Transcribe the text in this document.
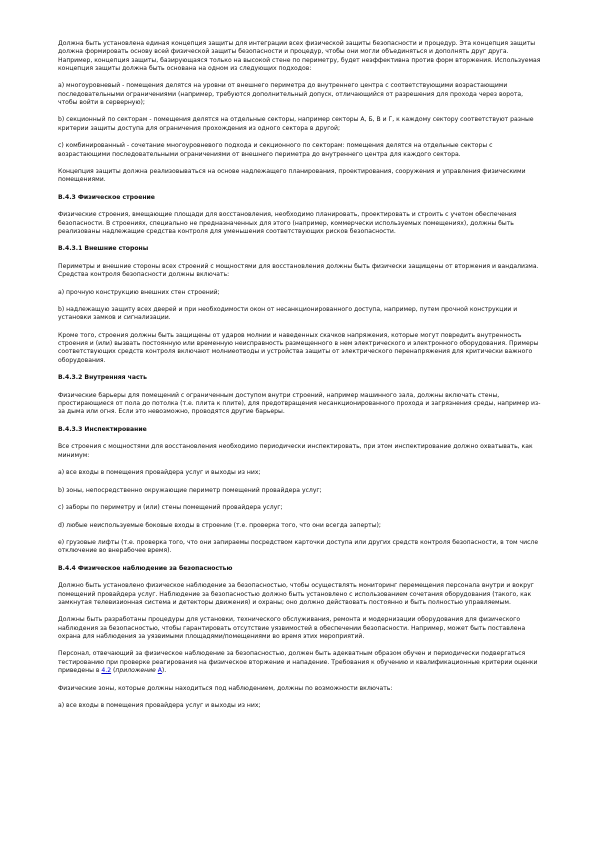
Должна быть установлена единая концепция защиты для интеграции всех физической защиты безопасности и процедур. Эта концепция защиты должна формировать основу всей физической защиты безопасности и процедур, чтобы они могли объединяться и дополнять друг друга. Например, концепция защиты, базирующаяся только на высокой стене по периметру, будет неэффективна против форм вторжения. Используемая концепция защиты должна быть основана на одном из следующих подходов:

а) многоуровневый - помещения делятся на уровни от внешнего периметра до внутреннего центра с соответствующими возрастающими последовательными ограничениями (например, требуются дополнительный допуск, отличающийся от разрешения для прохода через ворота, чтобы войти в серверную);

b) секционный по секторам - помещения делятся на отдельные секторы, например секторы А, Б, В и Г, к каждому сектору соответствуют разные критерии защиты доступа для ограничения прохождения из одного сектора в другой;

с) комбинированный - сочетание многоуровневого подхода и секционного по секторам: помещения делятся на отдельные секторы с возрастающими последовательными ограничениями от внешнего периметра до внутреннего центра для каждого сектора.

Концепция защиты должна реализовываться на основе надлежащего планирования, проектирования, сооружения и управления физическими помещениями.

В.4.3 Физическое строение

Физические строения, вмещающие площади для восстановления, необходимо планировать, проектировать и строить с учетом обеспечения безопасности. В строениях, специально не предназначенных для этого (например, коммерчески используемых помещениях), должны быть реализованы надлежащие средства контроля для уменьшения соответствующих рисков безопасности.

В.4.3.1 Внешние стороны

Периметры и внешние стороны всех строений с мощностями для восстановления должны быть физически защищены от вторжения и вандализма. Средства контроля безопасности должны включать:

а) прочную конструкцию внешних стен строений;

b) надлежащую защиту всех дверей и при необходимости окон от несанкционированного доступа, например, путем прочной конструкции и установки замков и сигнализации.

Кроме того, строения должны быть защищены от ударов молнии и наведенных скачков напряжения, которые могут повредить внутренность строения и (или) вызвать постоянную или временную неисправность размещенного в нем электрического и электронного оборудования. Примеры соответствующих средств контроля включают молниеотводы и устройства защиты от электрического перенапряжения для критически важного оборудования.

В.4.3.2 Внутренняя часть

Физические барьеры для помещений с ограниченным доступом внутри строений, например машинного зала, должны включать стены, простирающиеся от пола до потолка (т.е. плита к плите), для предотвращения несанкционированного прохода и загрязнения среды, например из-за дыма или огня. Если это невозможно, проводятся другие барьеры.

В.4.3.3 Инспектирование

Все строения с мощностями для восстановления необходимо периодически инспектировать, при этом инспектирование должно охватывать, как минимум:

а) все входы в помещения провайдера услуг и выходы из них;

b) зоны, непосредственно окружающие периметр помещений провайдера услуг;

с) заборы по периметру и (или) стены помещений провайдера услуг;

d) любые неиспользуемые боковые входы в строение (т.е. проверка того, что они всегда заперты);

е) грузовые лифты (т.е. проверка того, что они запираемы посредством карточки доступа или других средств контроля безопасности, в том числе отключение во внерабочее время).

В.4.4 Физическое наблюдение за безопасностью

Должно быть установлено физическое наблюдение за безопасностью, чтобы осуществлять мониторинг перемещения персонала внутри и вокруг помещений провайдера услуг. Наблюдение за безопасностью должно быть установлено с использованием сочетания оборудования (такого, как замкнутая телевизионная система и детекторы движения) и охраны; оно должно действовать постоянно и быть полностью управляемым.

Должны быть разработаны процедуры для установки, технического обслуживания, ремонта и модернизации оборудования для физического наблюдения за безопасностью, чтобы гарантировать отсутствие уязвимостей в обеспечении безопасности. Например, может быть поставлена охрана для наблюдения за уязвимыми площадями/помещениями во время этих мероприятий.

Персонал, отвечающий за физическое наблюдение за безопасностью, должен быть адекватным образом обучен и периодически подвергаться тестированию при проверке реагирования на физическое вторжение и нападение. Требования к обучению и квалификационные критерии оценки приведены в 4.2 (приложение А).

Физические зоны, которые должны находиться под наблюдением, должны по возможности включать:

а) все входы в помещения провайдера услуг и выходы из них;
